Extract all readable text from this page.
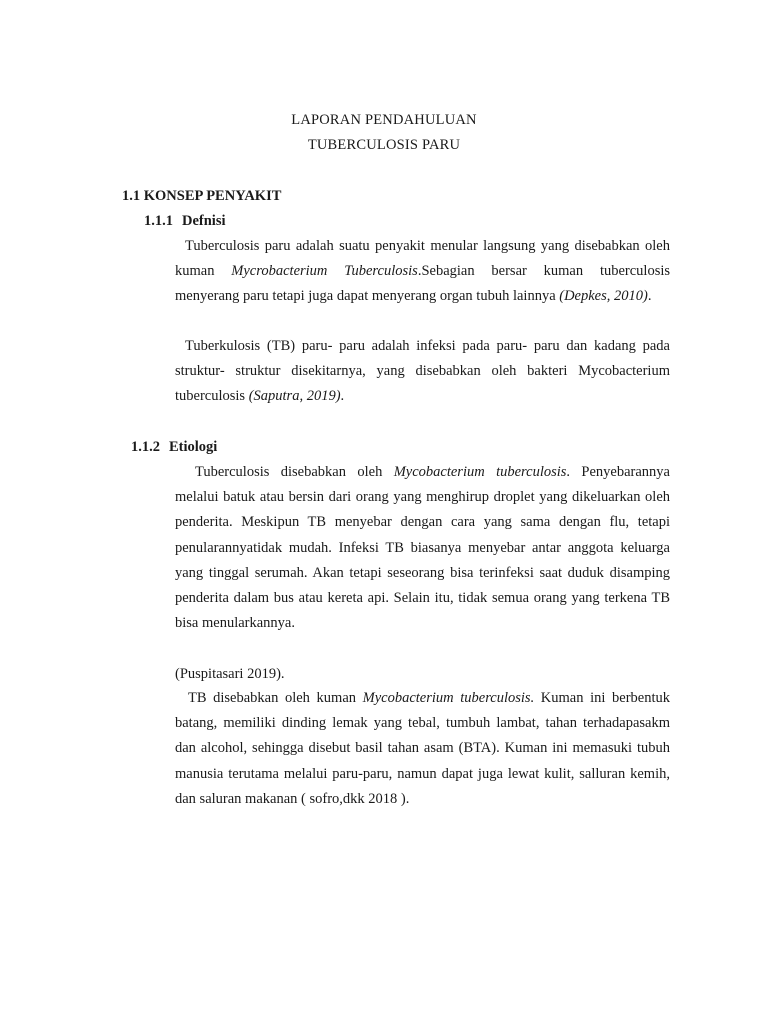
LAPORAN PENDAHULUAN
TUBERCULOSIS PARU
1.1 KONSEP PENYAKIT
1.1.1 Defnisi

Tuberculosis paru adalah suatu penyakit menular langsung yang disebabkan oleh kuman Mycrobacterium Tuberculosis.Sebagian bersar kuman tuberculosis menyerang paru tetapi juga dapat menyerang organ tubuh lainnya (Depkes, 2010).

Tuberkulosis (TB) paru- paru adalah infeksi pada paru- paru dan kadang pada struktur- struktur disekitarnya, yang disebabkan oleh bakteri Mycobacterium tuberculosis (Saputra, 2019).

1.1.2 Etiologi

Tuberculosis disebabkan oleh Mycobacterium tuberculosis. Penyebarannya melalui batuk atau bersin dari orang yang menghirup droplet yang dikeluarkan oleh penderita. Meskipun TB menyebar dengan cara yang sama dengan flu, tetapi penularannyatidak mudah. Infeksi TB biasanya menyebar antar anggota keluarga yang tinggal serumah. Akan tetapi seseorang bisa terinfeksi saat duduk disamping penderita dalam bus atau kereta api. Selain itu, tidak semua orang yang terkena TB bisa menularkannya.

(Puspitasari 2019).

TB disebabkan oleh kuman Mycobacterium tuberculosis. Kuman ini berbentuk batang, memiliki dinding lemak yang tebal, tumbuh lambat, tahan terhadapasakm dan alcohol, sehingga disebut basil tahan asam (BTA). Kuman ini memasuki tubuh manusia terutama melalui paru-paru, namun dapat juga lewat kulit, salluran kemih, dan saluran makanan ( sofro,dkk 2018 ).
